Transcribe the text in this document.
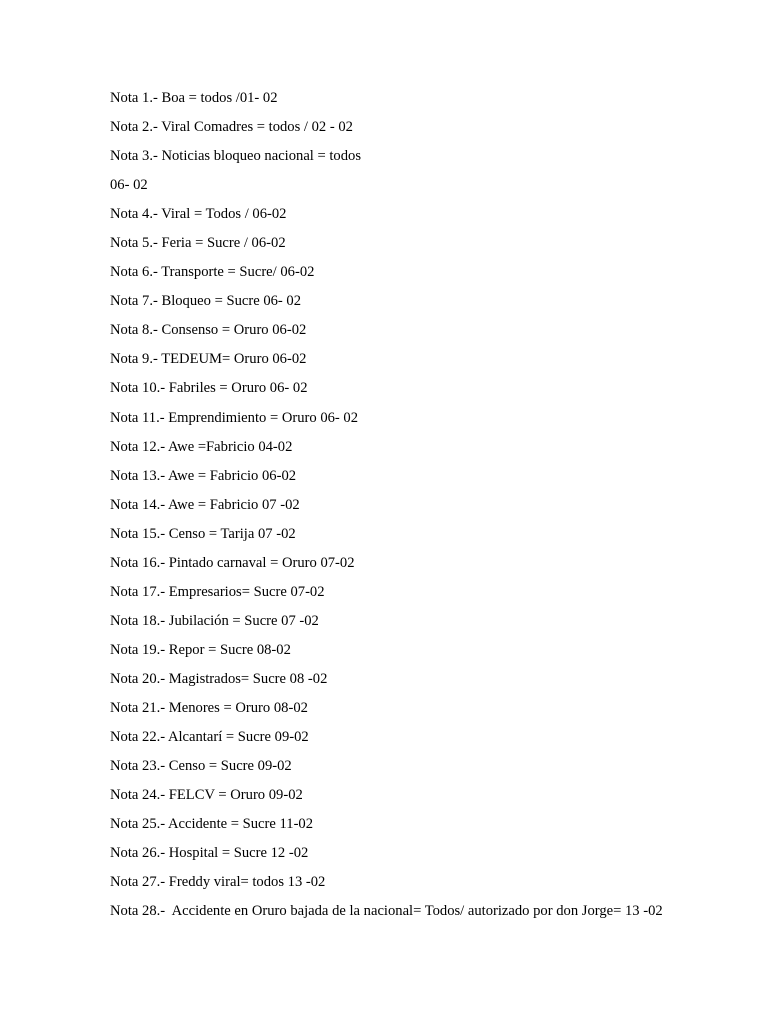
Nota 1.- Boa = todos /01- 02
Nota 2.- Viral Comadres = todos / 02 - 02
Nota 3.- Noticias bloqueo nacional = todos
06- 02
Nota 4.- Viral = Todos / 06-02
Nota 5.- Feria = Sucre / 06-02
Nota 6.- Transporte = Sucre/ 06-02
Nota 7.- Bloqueo = Sucre 06- 02
Nota 8.- Consenso = Oruro 06-02
Nota 9.- TEDEUM= Oruro 06-02
Nota 10.- Fabriles = Oruro 06- 02
Nota 11.- Emprendimiento = Oruro 06- 02
Nota 12.- Awe =Fabricio 04-02
Nota 13.- Awe = Fabricio 06-02
Nota 14.- Awe = Fabricio 07 -02
Nota 15.- Censo = Tarija 07 -02
Nota 16.- Pintado carnaval = Oruro 07-02
Nota 17.- Empresarios= Sucre 07-02
Nota 18.- Jubilación = Sucre 07 -02
Nota 19.- Repor = Sucre 08-02
Nota 20.- Magistrados= Sucre 08 -02
Nota 21.- Menores = Oruro 08-02
Nota 22.- Alcantarí = Sucre 09-02
Nota 23.- Censo = Sucre 09-02
Nota 24.- FELCV = Oruro 09-02
Nota 25.- Accidente = Sucre 11-02
Nota 26.- Hospital = Sucre 12 -02
Nota 27.- Freddy viral= todos 13 -02
Nota 28.-  Accidente en Oruro bajada de la nacional= Todos/ autorizado por don Jorge= 13 -02
